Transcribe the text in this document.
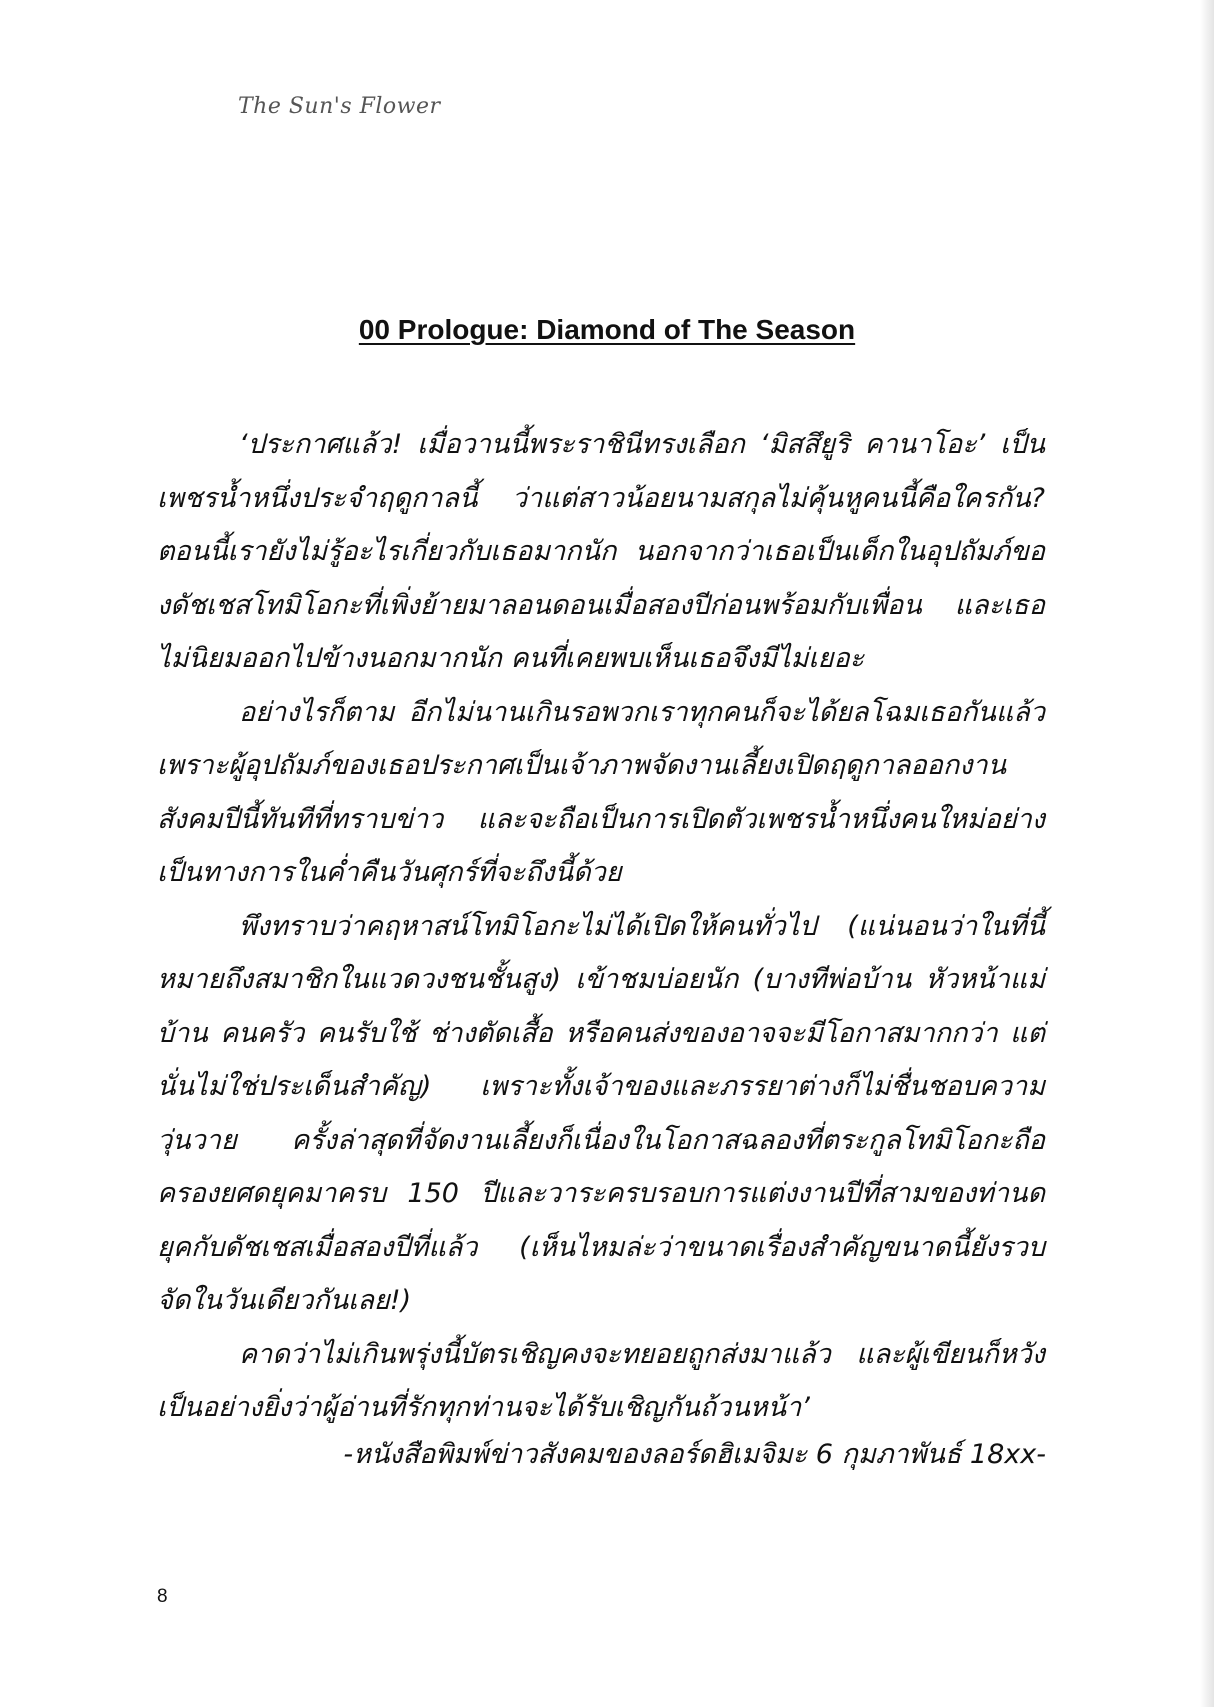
The Sun's Flower
00 Prologue: Diamond of The Season

‘ประกาศแล้ว! เมื่อวานนี้พระราชินีทรงเลือก ‘มิสสึยูริ คานาโอะ’ เป็นเพชรน้ำหนึ่งประจำฤดูกาลนี้ ว่าแต่สาวน้อยนามสกุลไม่คุ้นหูคนนี้คือใครกัน? ตอนนี้เรายังไม่รู้อะไรเกี่ยวกับเธอมากนัก นอกจากว่าเธอเป็นเด็กในอุปถัมภ์ของดัชเชสโทมิโอกะที่เพิ่งย้ายมาลอนดอนเมื่อสองปีก่อนพร้อมกับเพื่อน และเธอไม่นิยมออกไปข้างนอกมากนัก คนที่เคยพบเห็นเธอจึงมีไม่เยอะ

อย่างไรก็ตาม อีกไม่นานเกินรอพวกเราทุกคนก็จะได้ยลโฉมเธอกันแล้ว เพราะผู้อุปถัมภ์ของเธอประกาศเป็นเจ้าภาพจัดงานเลี้ยงเปิดฤดูกาลออกงานสังคมปีนี้ทันทีที่ทราบข่าว และจะถือเป็นการเปิดตัวเพชรน้ำหนึ่งคนใหม่อย่างเป็นทางการในค่ำคืนวันศุกร์ที่จะถึงนี้ด้วย

พึงทราบว่าคฤหาสน์โทมิโอกะไม่ได้เปิดให้คนทั่วไป (แน่นอนว่าในที่นี้หมายถึงสมาชิกในแวดวงชนชั้นสูง) เข้าชมบ่อยนัก (บางทีพ่อบ้าน หัวหน้าแม่บ้าน คนครัว คนรับใช้ ช่างตัดเสื้อ หรือคนส่งของอาจจะมีโอกาสมากกว่า แต่นั่นไม่ใช่ประเด็นสำคัญ) เพราะทั้งเจ้าของและภรรยาต่างก็ไม่ชื่นชอบความวุ่นวาย ครั้งล่าสุดที่จัดงานเลี้ยงก็เนื่องในโอกาสฉลองที่ตระกูลโทมิโอกะถือครองยศดยุคมาครบ 150 ปีและวาระครบรอบการแต่งงานปีที่สามของท่านดยุคกับดัชเชสเมื่อสองปีที่แล้ว (เห็นไหมล่ะว่าขนาดเรื่องสำคัญขนาดนี้ยังรวบจัดในวันเดียวกันเลย!)

คาดว่าไม่เกินพรุ่งนี้บัตรเชิญคงจะทยอยถูกส่งมาแล้ว และผู้เขียนก็หวังเป็นอย่างยิ่งว่าผู้อ่านที่รักทุกท่านจะได้รับเชิญกันถ้วนหน้า’

-หนังสือพิมพ์ข่าวสังคมของลอร์ดฮิเมจิมะ 6 กุมภาพันธ์ 18xx-
8
